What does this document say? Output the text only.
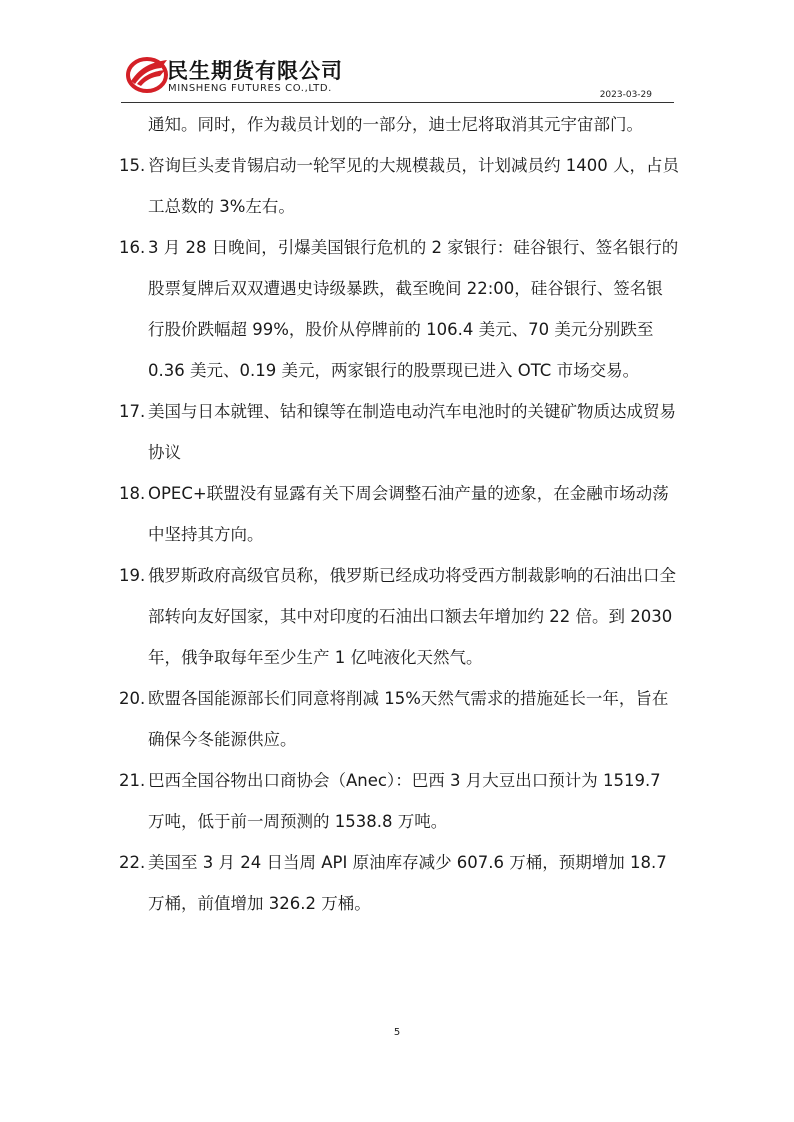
民生期货有限公司
MINSHENG FUTURES CO.,LTD.
2023-03-29
通知。同时，作为裁员计划的一部分，迪士尼将取消其元宇宙部门。
15. 咨询巨头麦肯锡启动一轮罕见的大规模裁员，计划减员约 1400 人，占员工总数的 3%左右。
16. 3 月 28 日晚间，引爆美国银行危机的 2 家银行：硅谷银行、签名银行的股票复牌后双双遭遇史诗级暴跌，截至晚间 22:00，硅谷银行、签名银行股价跌幅超 99%，股价从停牌前的 106.4 美元、70 美元分别跌至 0.36 美元、0.19 美元，两家银行的股票现已进入 OTC 市场交易。
17. 美国与日本就锂、钴和镍等在制造电动汽车电池时的关键矿物质达成贸易协议
18. OPEC+联盟没有显露有关下周会调整石油产量的迹象，在金融市场动荡中坚持其方向。
19. 俄罗斯政府高级官员称，俄罗斯已经成功将受西方制裁影响的石油出口全部转向友好国家，其中对印度的石油出口额去年增加约 22 倍。到 2030 年，俄争取每年至少生产 1 亿吨液化天然气。
20. 欧盟各国能源部长们同意将削减 15%天然气需求的措施延长一年，旨在确保今冬能源供应。
21. 巴西全国谷物出口商协会（Anec）：巴西 3 月大豆出口预计为 1519.7 万吨，低于前一周预测的 1538.8 万吨。
22. 美国至 3 月 24 日当周 API 原油库存减少 607.6 万桶，预期增加 18.7 万桶，前值增加 326.2 万桶。
5
